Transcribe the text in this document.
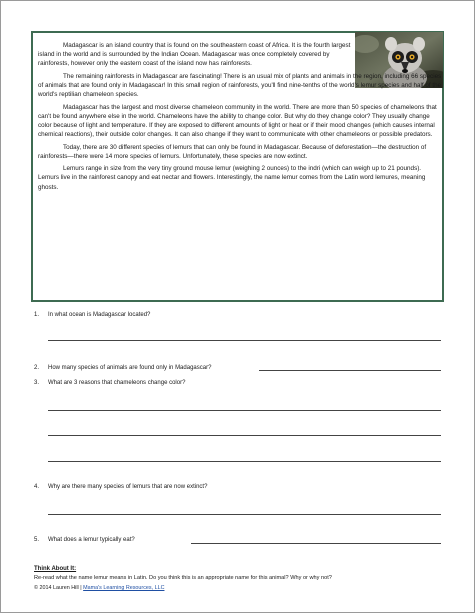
Madagascar is an island country that is found on the southeastern coast of Africa. It is the fourth largest island in the world and is surrounded by the Indian Ocean. Madagascar was once completely covered by rainforests, however only the eastern coast of the island now has rainforests.

The remaining rainforests in Madagascar are fascinating! There is an usual mix of plants and animals in the region, including 66 species of animals that are found only in Madagascar! In this small region of rainforests, you'll find nine-tenths of the world's lemur species and half of the world's reptilian chameleon species.

Madagascar has the largest and most diverse chameleon community in the world. There are more than 50 species of chameleons that can't be found anywhere else in the world. Chameleons have the ability to change color. But why do they change color? They usually change color because of light and temperature. If they are exposed to different amounts of light or heat or if their mood changes (which causes internal chemical reactions), their outside color changes. It can also change if they want to communicate with other chameleons or possible predators.

Today, there are 30 different species of lemurs that can only be found in Madagascar. Because of deforestation—the destruction of rainforests—there were 14 more species of lemurs. Unfortunately, these species are now extinct.

Lemurs range in size from the very tiny ground mouse lemur (weighing 2 ounces) to the indri (which can weigh up to 21 pounds). Lemurs live in the rainforest canopy and eat nectar and flowers. Interestingly, the name lemur comes from the Latin word lemures, meaning ghosts.

1. In what ocean is Madagascar located?
2. How many species of animals are found only in Madagascar?
3. What are 3 reasons that chameleons change color?
4. Why are there many species of lemurs that are now extinct?
5. What does a lemur typically eat?
Think About It:
Re-read what the name lemur means in Latin. Do you think this is an appropriate name for this animal? Why or why not?
© 2014 Lauren Hill | Mama's Learning Resources, LLC
